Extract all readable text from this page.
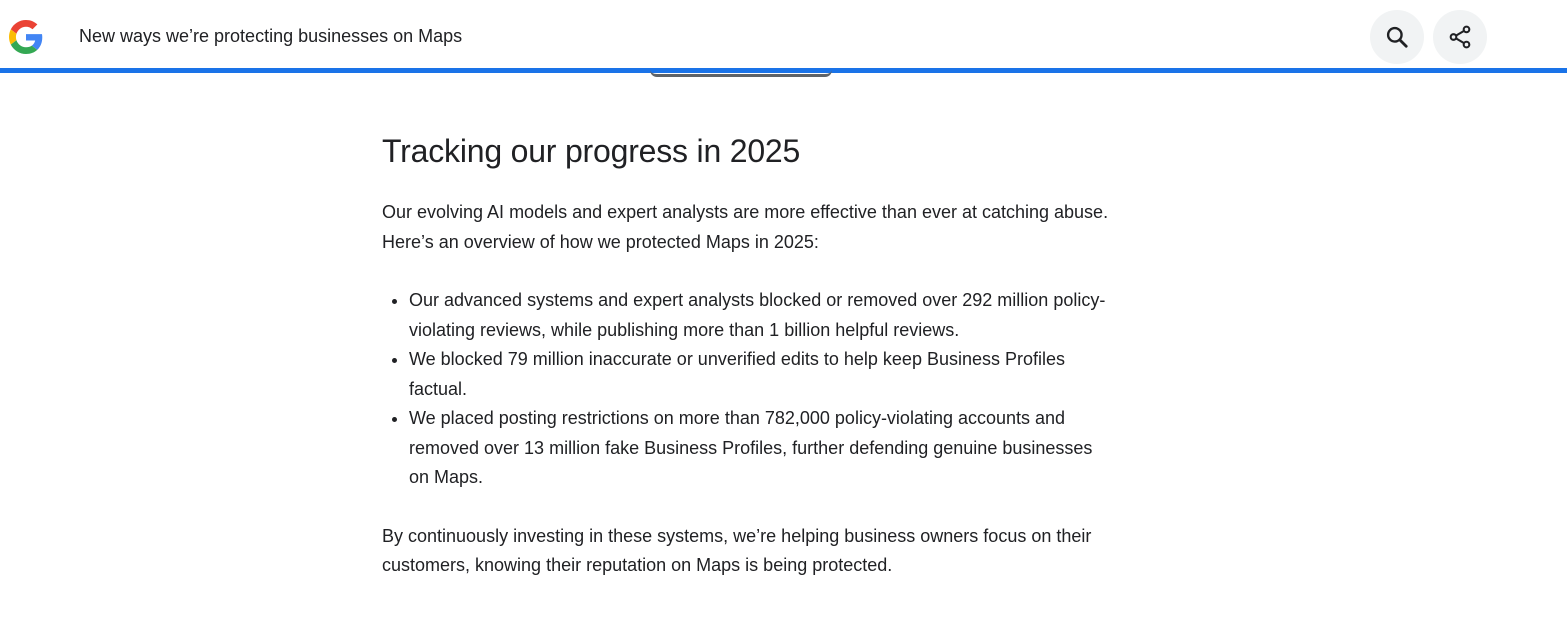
New ways we’re protecting businesses on Maps
Tracking our progress in 2025

Our evolving AI models and expert analysts are more effective than ever at catching abuse. Here’s an overview of how we protected Maps in 2025:

• Our advanced systems and expert analysts blocked or removed over 292 million policy-violating reviews, while publishing more than 1 billion helpful reviews.
• We blocked 79 million inaccurate or unverified edits to help keep Business Profiles factual.
• We placed posting restrictions on more than 782,000 policy-violating accounts and removed over 13 million fake Business Profiles, further defending genuine businesses on Maps.

By continuously investing in these systems, we’re helping business owners focus on their customers, knowing their reputation on Maps is being protected.
